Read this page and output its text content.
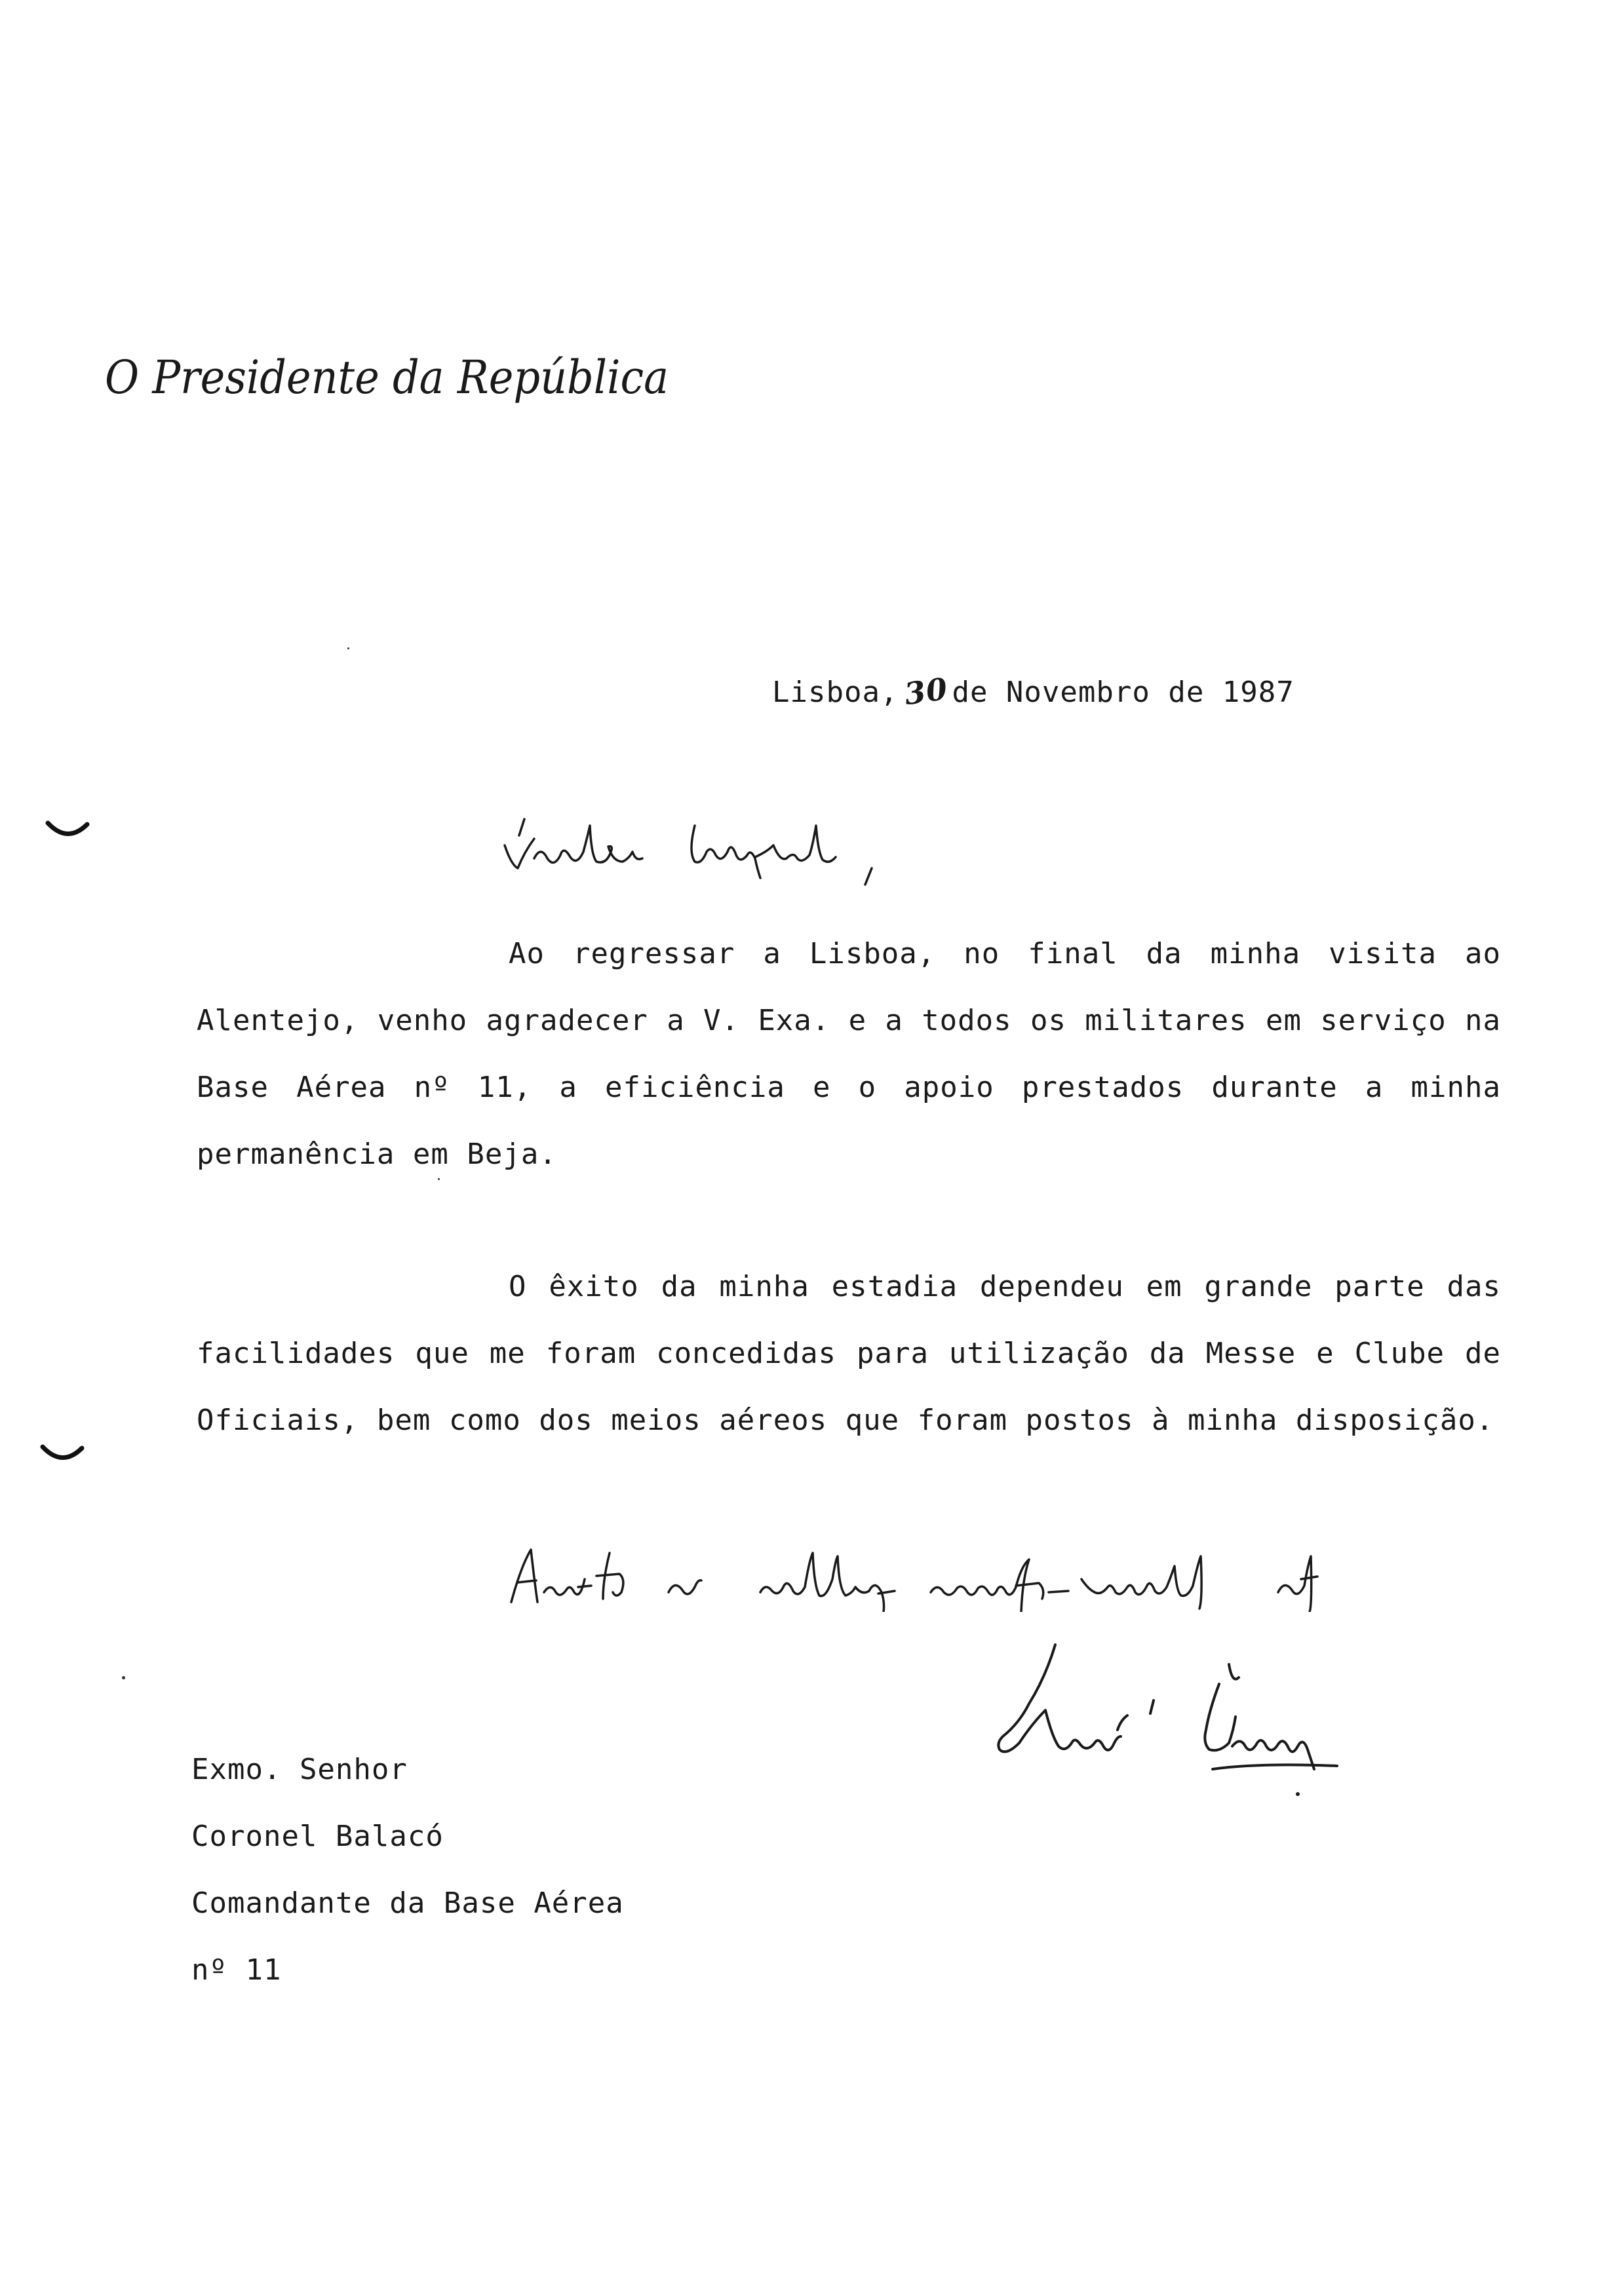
O Presidente da República
Lisboa, 30de Novembro de 1987
Ao regressar a Lisboa, no final da minha visita ao Alentejo, venho agradecer a V. Exa. e a todos os militares em serviço na Base Aérea nº 11, a eficiência e o apoio prestados durante a minha permanência em Beja.
O êxito da minha estadia dependeu em grande parte das facilidades que me foram concedidas para utilização da Messe e Clube de Oficiais, bem como dos meios aéreos que foram postos à minha disposição.
Exmo. Senhor
Coronel Balacó
Comandante da Base Aérea
nº 11
